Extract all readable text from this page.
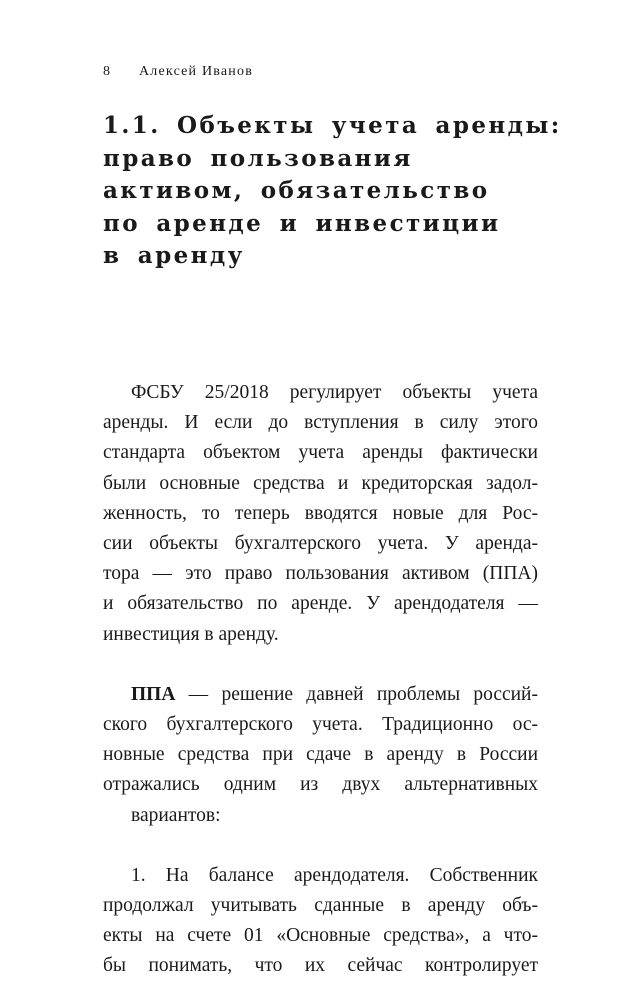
8 Алексей Иванов
1.1. Объекты учета аренды:
право пользования
активом, обязательство
по аренде и инвестиции
в аренду
ФСБУ 25/2018 регулирует объекты учета
аренды. И если до вступления в силу этого
стандарта объектом учета аренды фактически
были основные средства и кредиторская задол-
женность, то теперь вводятся новые для Рос-
сии объекты бухгалтерского учета. У аренда-
тора — это право пользования активом (ППА)
и обязательство по аренде. У арендодателя —
инвестиция в аренду.
ППА — решение давней проблемы россий-
ского бухгалтерского учета. Традиционно ос-
новные средства при сдаче в аренду в России
отражались одним из двух альтернативных
вариантов:
1. На балансе арендодателя. Собственник
продолжал учитывать сданные в аренду объ-
екты на счете 01 «Основные средства», а что-
бы понимать, что их сейчас контролирует
